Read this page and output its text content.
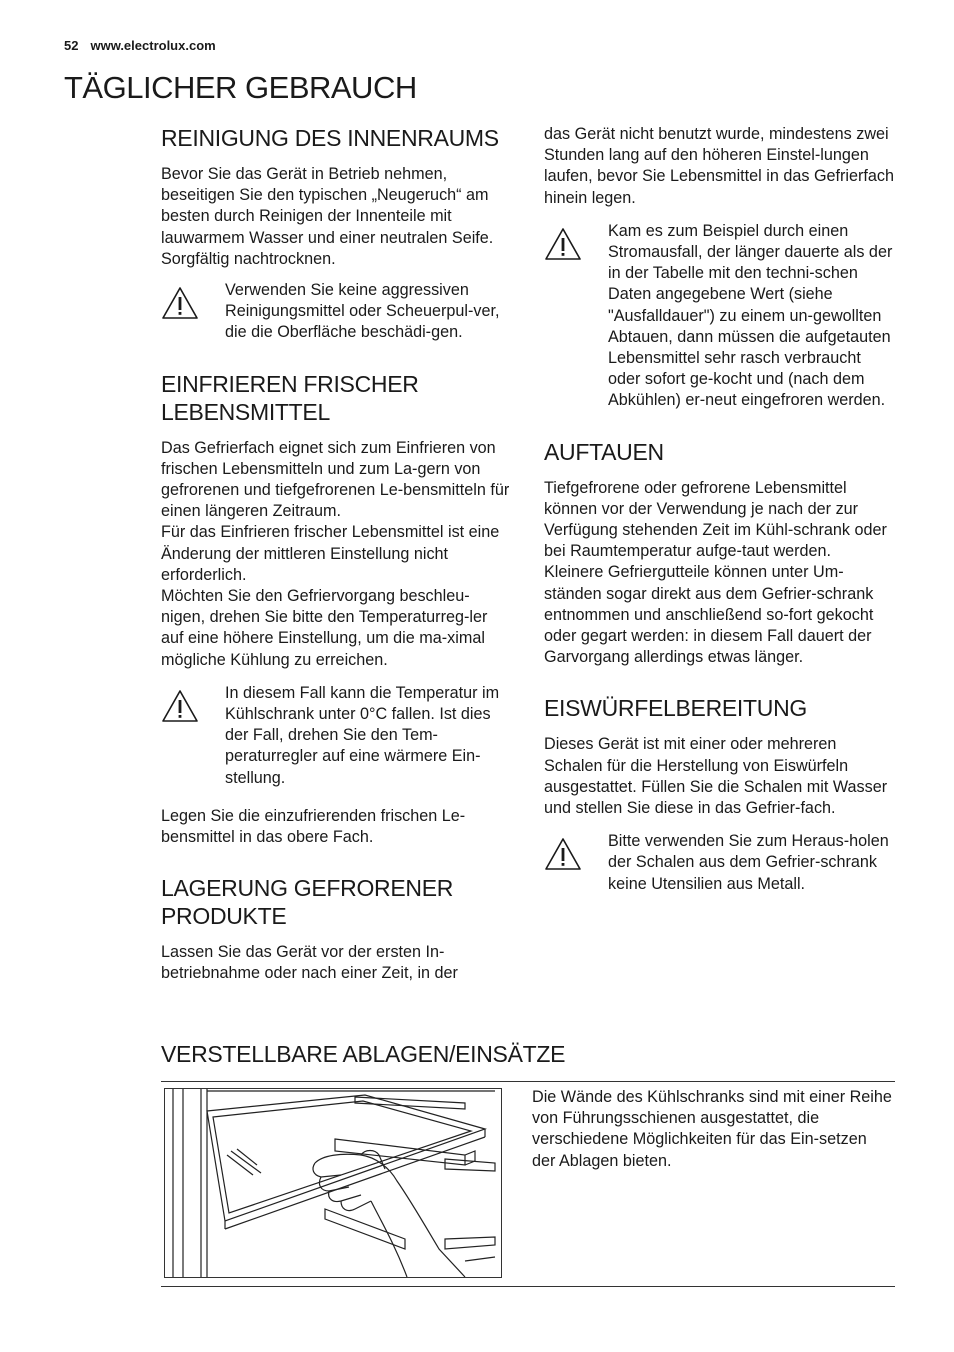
52 www.electrolux.com
TÄGLICHER GEBRAUCH
REINIGUNG DES INNENRAUMS

Bevor Sie das Gerät in Betrieb nehmen, beseitigen Sie den typischen „Neugeruch“ am besten durch Reinigen der Innenteile mit lauwarmem Wasser und einer neutralen Seife. Sorgfältig nachtrocknen.

Verwenden Sie keine aggressiven Reinigungsmittel oder Scheuerpul-ver, die die Oberfläche beschädi-gen.
EINFRIEREN FRISCHER LEBENSMITTEL

Das Gefrierfach eignet sich zum Einfrieren von frischen Lebensmitteln und zum La-gern von gefrorenen und tiefgefrorenen Le-bensmitteln für einen längeren Zeitraum.

Für das Einfrieren frischer Lebensmittel ist eine Änderung der mittleren Einstellung nicht erforderlich.

Möchten Sie den Gefriervorgang beschleu-nigen, drehen Sie bitte den Temperaturreg-ler auf eine höhere Einstellung, um die ma-ximal mögliche Kühlung zu erreichen.

In diesem Fall kann die Temperatur im Kühlschrank unter 0°C fallen. Ist dies der Fall, drehen Sie den Tem-peraturregler auf eine wärmere Ein-stellung.

Legen Sie die einzufrierenden frischen Le-bensmittel in das obere Fach.

LAGERUNG GEFRORENER PRODUKTE

Lassen Sie das Gerät vor der ersten In-betriebnahme oder nach einer Zeit, in der

das Gerät nicht benutzt wurde, mindestens zwei Stunden lang auf den höheren Einstel-lungen laufen, bevor Sie Lebensmittel in das Gefrierfach hinein legen.

Kam es zum Beispiel durch einen Stromausfall, der länger dauerte als der in der Tabelle mit den techni-schen Daten angegebene Wert (siehe "Ausfalldauer") zu einem un-gewollten Abtauen, dann müssen die aufgetauten Lebensmittel sehr rasch verbraucht oder sofort ge-kocht und (nach dem Abkühlen) er-neut eingefroren werden.
AUFTAUEN

Tiefgefrorene oder gefrorene Lebensmittel können vor der Verwendung je nach der zur Verfügung stehenden Zeit im Kühl-schrank oder bei Raumtemperatur aufge-taut werden.

Kleinere Gefriergutteile können unter Um-ständen sogar direkt aus dem Gefrier-schrank entnommen und anschließend so-fort gekocht oder gegart werden: in diesem Fall dauert der Garvorgang allerdings etwas länger.

EISWÜRFELBEREITUNG

Dieses Gerät ist mit einer oder mehreren Schalen für die Herstellung von Eiswürfeln ausgestattet. Füllen Sie die Schalen mit Wasser und stellen Sie diese in das Gefrier-fach.

Bitte verwenden Sie zum Heraus-holen der Schalen aus dem Gefrier-schrank keine Utensilien aus Metall.
VERSTELLBARE ABLAGEN/EINSÄTZE

Die Wände des Kühlschranks sind mit einer Reihe von Führungsschienen ausgestattet, die verschiedene Möglichkeiten für das Ein-setzen der Ablagen bieten.
